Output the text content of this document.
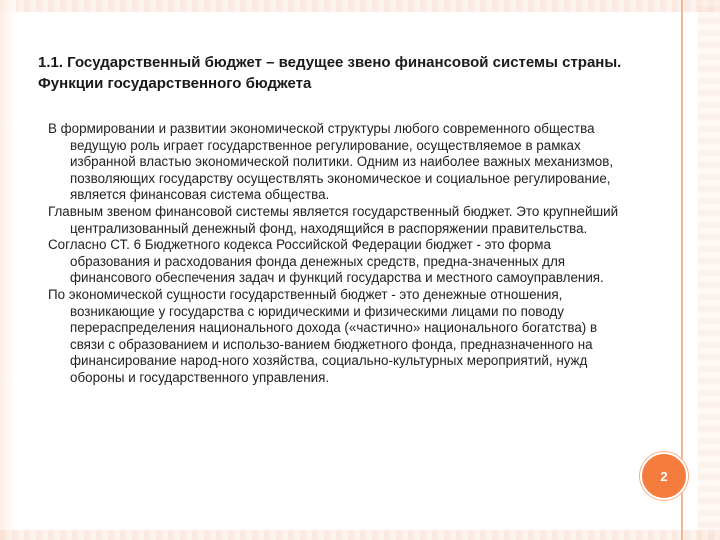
1.1. Государственный бюджет – ведущее звено финансовой системы страны. Функции государственного бюджета

В формировании и развитии экономической структуры любого современного общества ведущую роль играет государственное регулирование, осуществляемое в рамках избранной властью экономической политики. Одним из наиболее важных механизмов, позволяющих государству осуществлять экономическое и социальное регулирование, является финансовая система общества.

Главным звеном финансовой системы является государственный бюджет. Это крупнейший централизованный денежный фонд, находящийся в распоряжении правительства.

Согласно СТ. 6 Бюджетного кодекса Российской Федерации бюджет - это форма образования и расходования фонда денежных средств, предна-значенных для финансового обеспечения задач и функций государства и местного самоуправления.

По экономической сущности государственный бюджет - это денежные отношения, возникающие у государства с юридическими и физическими лицами по поводу перераспределения национального дохода («частично» национального богатства) в связи с образованием и использо-ванием бюджетного фонда, предназначенного на финансирование народ-ного хозяйства, социально-культурных мероприятий, нужд обороны и государственного управления.

2
